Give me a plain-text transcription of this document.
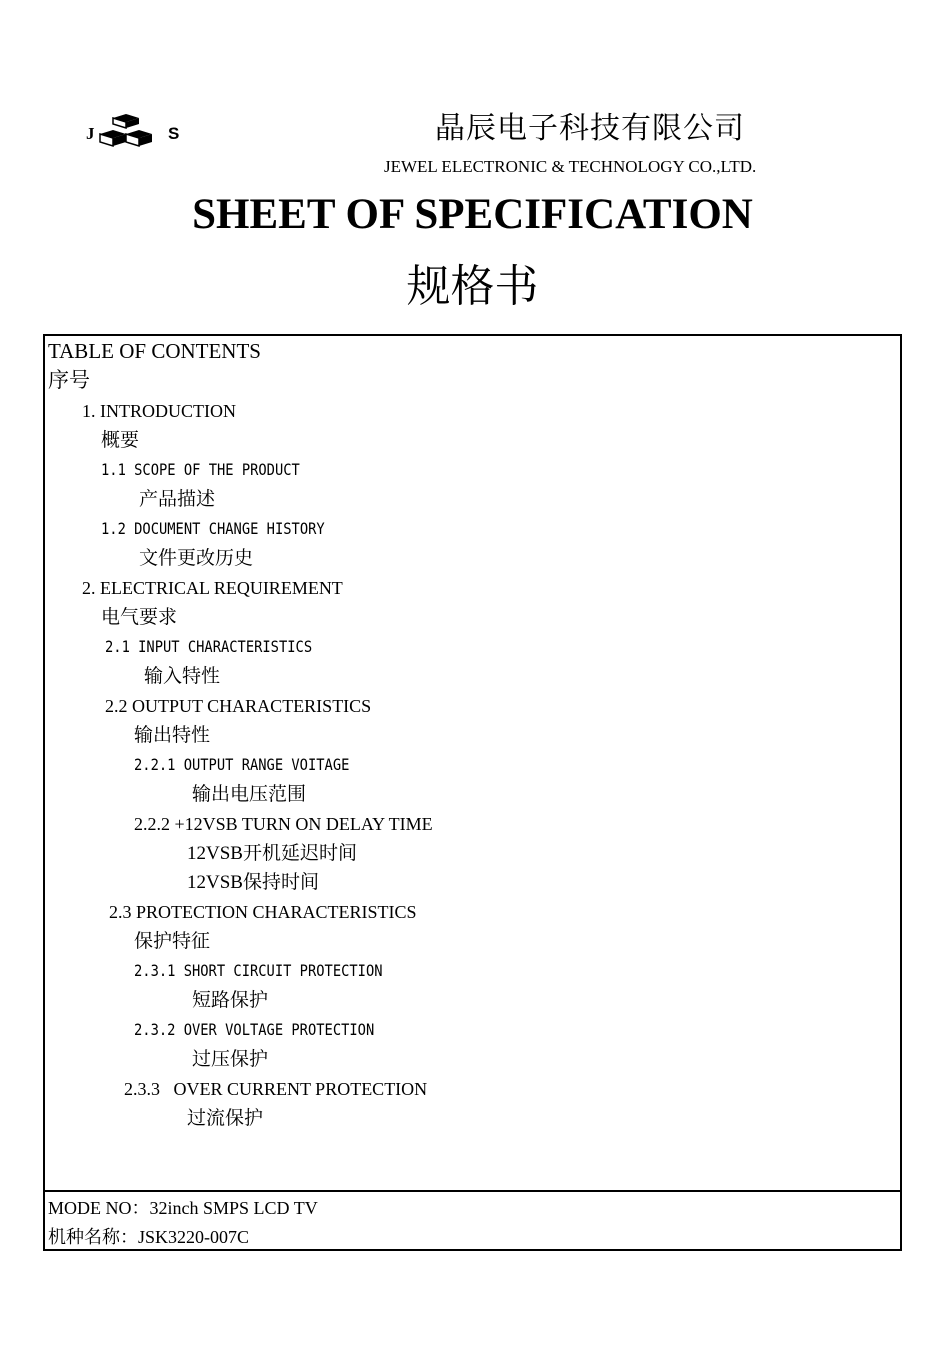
J	S	晶辰电子科技有限公司
JEWEL ELECTRONIC & TECHNOLOGY CO.,LTD.
SHEET OF SPECIFICATION
规格书
TABLE OF CONTENTS
序号
1. INTRODUCTION
概要
1.1 SCOPE OF THE PRODUCT
产品描述
1.2 DOCUMENT CHANGE HISTORY
文件更改历史
2. ELECTRICAL REQUIREMENT
电气要求
2.1 INPUT CHARACTERISTICS
输入特性
2.2 OUTPUT CHARACTERISTICS
输出特性
2.2.1 OUTPUT RANGE VOITAGE
输出电压范围
2.2.2 +12VSB TURN ON DELAY TIME
12VSB开机延迟时间
12VSB保持时间
2.3 PROTECTION CHARACTERISTICS
保护特征
2.3.1 SHORT CIRCUIT PROTECTION
短路保护
2.3.2 OVER VOLTAGE PROTECTION
过压保护
2.3.3   OVER CURRENT PROTECTION
过流保护
MODE NO：32inch SMPS LCD TV
机种名称：JSK3220-007C
